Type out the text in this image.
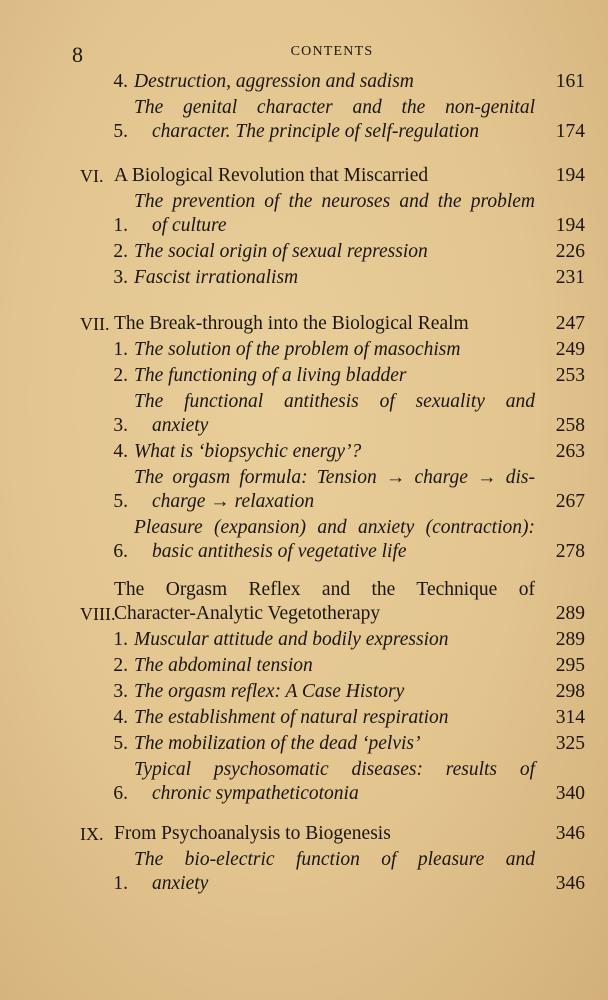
8	CONTENTS
4. Destruction, aggression and sadism	161
5.
The genital character and the non-genital
character. The principle of self-regulation	174
VI. A Biological Revolution that Miscarried	194
1.
The prevention of the neuroses and the problem
of culture	194
2. The social origin of sexual repression	226
3. Fascist irrationalism	231
VII. The Break-through into the Biological Realm	247
1. The solution of the problem of masochism	249
2. The functioning of a living bladder	253
3.
The functional antithesis of sexuality and
anxiety	258
4. What is ‘biopsychic energy’?	263
5.
The orgasm formula: Tension → charge → dis-
charge → relaxation	267
6.
Pleasure (expansion) and anxiety (contraction):
basic antithesis of vegetative life	278
VIII.
The Orgasm Reflex and the Technique of
Character-Analytic Vegetotherapy	289
1. Muscular attitude and bodily expression	289
2. The abdominal tension	295
3. The orgasm reflex: A Case History	298
4. The establishment of natural respiration	314
5. The mobilization of the dead ‘pelvis’	325
6.
Typical psychosomatic diseases: results of
chronic sympatheticotonia	340
IX. From Psychoanalysis to Biogenesis	346
1.
The bio-electric function of pleasure and
anxiety	346
